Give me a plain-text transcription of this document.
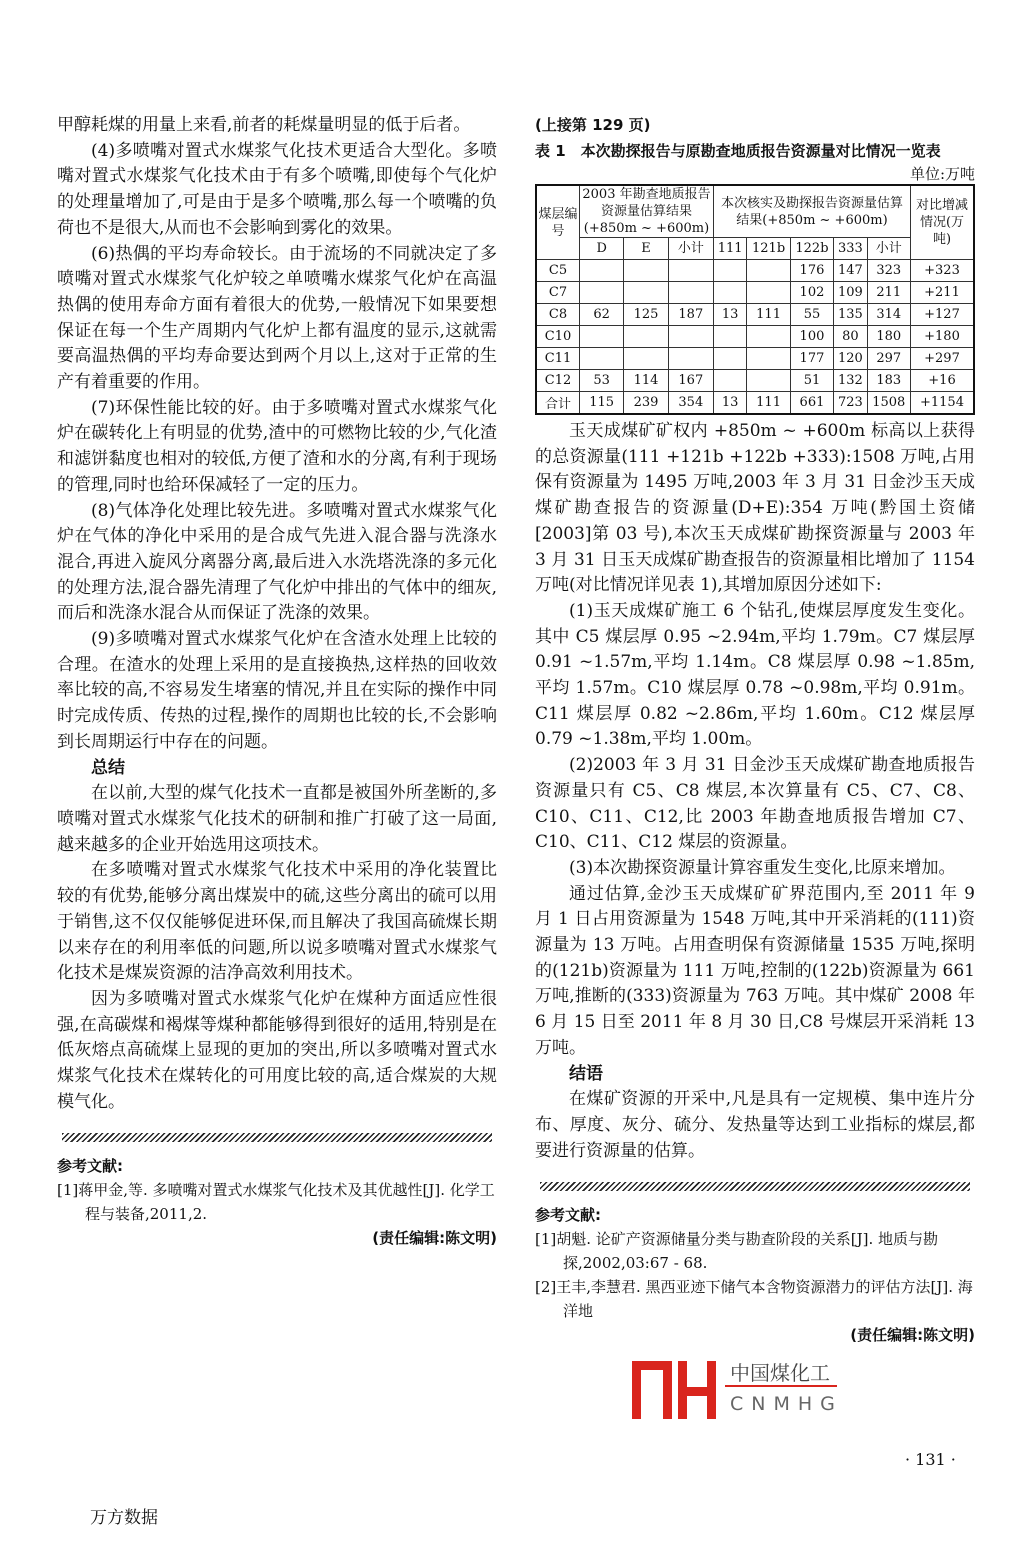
甲醇耗煤的用量上来看,前者的耗煤量明显的低于后者。

(4)多喷嘴对置式水煤浆气化技术更适合大型化。多喷嘴对置式水煤浆气化技术由于有多个喷嘴,即使每个气化炉的处理量增加了,可是由于是多个喷嘴,那么每一个喷嘴的负荷也不是很大,从而也不会影响到雾化的效果。

(6)热偶的平均寿命较长。由于流场的不同就决定了多喷嘴对置式水煤浆气化炉较之单喷嘴水煤浆气化炉在高温热偶的使用寿命方面有着很大的优势,一般情况下如果要想保证在每一个生产周期内气化炉上都有温度的显示,这就需要高温热偶的平均寿命要达到两个月以上,这对于正常的生产有着重要的作用。

(7)环保性能比较的好。由于多喷嘴对置式水煤浆气化炉在碳转化上有明显的优势,渣中的可燃物比较的少,气化渣和滤饼黏度也相对的较低,方便了渣和水的分离,有利于现场的管理,同时也给环保减轻了一定的压力。

(8)气体净化处理比较先进。多喷嘴对置式水煤浆气化炉在气体的净化中采用的是合成气先进入混合器与洗涤水混合,再进入旋风分离器分离,最后进入水洗塔洗涤的多元化的处理方法,混合器先清理了气化炉中排出的气体中的细灰,而后和洗涤水混合从而保证了洗涤的效果。

(9)多喷嘴对置式水煤浆气化炉在含渣水处理上比较的合理。在渣水的处理上采用的是直接换热,这样热的回收效率比较的高,不容易发生堵塞的情况,并且在实际的操作中同时完成传质、传热的过程,操作的周期也比较的长,不会影响到长周期运行中存在的问题。

总结

在以前,大型的煤气化技术一直都是被国外所垄断的,多喷嘴对置式水煤浆气化技术的研制和推广打破了这一局面,越来越多的企业开始选用这项技术。

在多喷嘴对置式水煤浆气化技术中采用的净化装置比较的有优势,能够分离出煤炭中的硫,这些分离出的硫可以用于销售,这不仅仅能够促进环保,而且解决了我国高硫煤长期以来存在的利用率低的问题,所以说多喷嘴对置式水煤浆气化技术是煤炭资源的洁净高效利用技术。

因为多喷嘴对置式水煤浆气化炉在煤种方面适应性很强,在高碳煤和褐煤等煤种都能够得到很好的适用,特别是在低灰熔点高硫煤上显现的更加的突出,所以多喷嘴对置式水煤浆气化技术在煤转化的可用度比较的高,适合煤炭的大规模气化。

参考文献:
[1]蒋甲金,等. 多喷嘴对置式水煤浆气化技术及其优越性[J]. 化学工程与装备,2011,2.
(责任编辑:陈文明)
(上接第 129 页)
表 1　本次勘探报告与原勘查地质报告资源量对比情况一览表
单位:万吨
煤层编号	2003 年勘查地质报告资源量估算结果(+850m ~ +600m)			本次核实及勘探报告资源量估算结果(+850m ~ +600m)					对比增减情况(万吨)
	D	E	小计	111	121b	122b	333	小计	
C5						176	147	323	+323
C7						102	109	211	+211
C8	62	125	187	13	111	55	135	314	+127
C10						100	80	180	+180
C11						177	120	297	+297
C12	53	114	167			51	132	183	+16
合计	115	239	354	13	111	661	723	1508	+1154

玉天成煤矿矿权内 +850m ~ +600m 标高以上获得的总资源量(111 +121b +122b +333):1508 万吨,占用保有资源量为 1495 万吨,2003 年 3 月 31 日金沙玉天成煤矿勘查报告的资源量(D+E):354 万吨(黔国土资储[2003]第 03 号),本次玉天成煤矿勘探资源量与 2003 年 3 月 31 日玉天成煤矿勘查报告的资源量相比增加了 1154 万吨(对比情况详见表 1),其增加原因分述如下:

(1)玉天成煤矿施工 6 个钻孔,使煤层厚度发生变化。其中 C5 煤层厚 0.95 ~2.94m,平均 1.79m。C7 煤层厚 0.91 ~1.57m,平均 1.14m。C8 煤层厚 0.98 ~1.85m,平均 1.57m。C10 煤层厚 0.78 ~0.98m,平均 0.91m。C11 煤层厚 0.82 ~2.86m,平均 1.60m。C12 煤层厚 0.79 ~1.38m,平均 1.00m。

(2)2003 年 3 月 31 日金沙玉天成煤矿勘查地质报告资源量只有 C5、C8 煤层,本次算量有 C5、C7、C8、C10、C11、C12,比 2003 年勘查地质报告增加 C7、C10、C11、C12 煤层的资源量。

(3)本次勘探资源量计算容重发生变化,比原来增加。

通过估算,金沙玉天成煤矿矿界范围内,至 2011 年 9 月 1 日占用资源量为 1548 万吨,其中开采消耗的(111)资源量为 13 万吨。占用查明保有资源储量 1535 万吨,探明的(121b)资源量为 111 万吨,控制的(122b)资源量为 661 万吨,推断的(333)资源量为 763 万吨。其中煤矿 2008 年 6 月 15 日至 2011 年 8 月 30 日,C8 号煤层开采消耗 13 万吨。

结语

在煤矿资源的开采中,凡是具有一定规模、集中连片分布、厚度、灰分、硫分、发热量等达到工业指标的煤层,都要进行资源量的估算。

参考文献:
[1]胡魁. 论矿产资源储量分类与勘查阶段的关系[J]. 地质与勘探,2002,03:67 - 68.
[2]王丰,李慧君. 黑西亚迹下储气本含物资源潜力的评估方法[J]. 海洋地
(责任编辑:陈文明)
中国煤化工
CNMHG
· 131 ·
万方数据
